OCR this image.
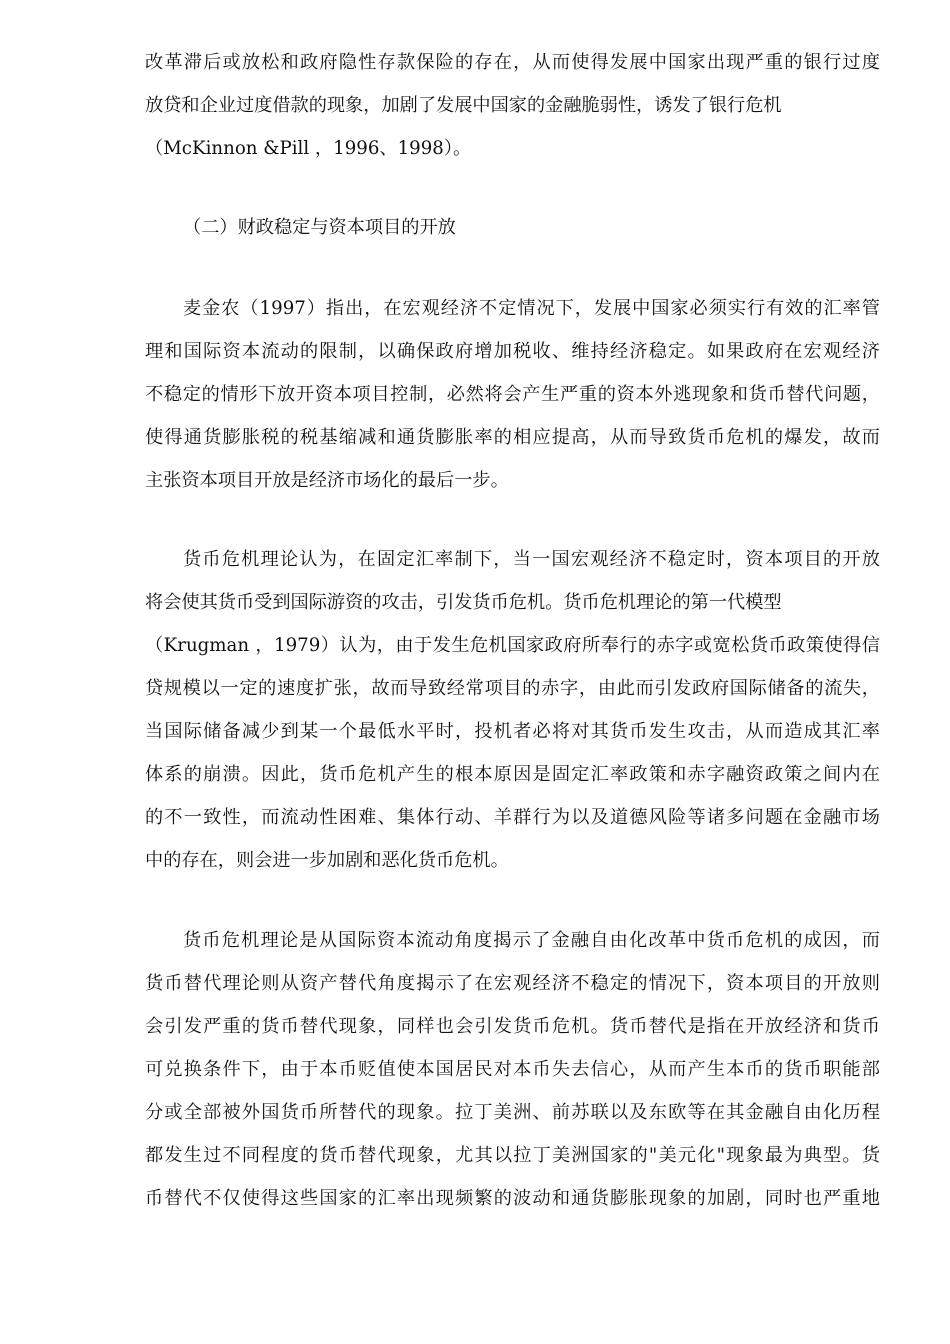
改革滞后或放松和政府隐性存款保险的存在，从而使得发展中国家出现严重的银行过度
放贷和企业过度借款的现象，加剧了发展中国家的金融脆弱性，诱发了银行危机
（McKinnon &Pill ，1996、1998）。
（二）财政稳定与资本项目的开放
麦金农（1997）指出，在宏观经济不定情况下，发展中国家必须实行有效的汇率管
理和国际资本流动的限制，以确保政府增加税收、维持经济稳定。如果政府在宏观经济
不稳定的情形下放开资本项目控制，必然将会产生严重的资本外逃现象和货币替代问题，
使得通货膨胀税的税基缩减和通货膨胀率的相应提高，从而导致货币危机的爆发，故而
主张资本项目开放是经济市场化的最后一步。
货币危机理论认为，在固定汇率制下，当一国宏观经济不稳定时，资本项目的开放
将会使其货币受到国际游资的攻击，引发货币危机。货币危机理论的第一代模型
（Krugman ，1979）认为，由于发生危机国家政府所奉行的赤字或宽松货币政策使得信
贷规模以一定的速度扩张，故而导致经常项目的赤字，由此而引发政府国际储备的流失，
当国际储备减少到某一个最低水平时，投机者必将对其货币发生攻击，从而造成其汇率
体系的崩溃。因此，货币危机产生的根本原因是固定汇率政策和赤字融资政策之间内在
的不一致性，而流动性困难、集体行动、羊群行为以及道德风险等诸多问题在金融市场
中的存在，则会进一步加剧和恶化货币危机。
货币危机理论是从国际资本流动角度揭示了金融自由化改革中货币危机的成因，而
货币替代理论则从资产替代角度揭示了在宏观经济不稳定的情况下，资本项目的开放则
会引发严重的货币替代现象，同样也会引发货币危机。货币替代是指在开放经济和货币
可兑换条件下，由于本币贬值使本国居民对本币失去信心，从而产生本币的货币职能部
分或全部被外国货币所替代的现象。拉丁美洲、前苏联以及东欧等在其金融自由化历程
都发生过不同程度的货币替代现象，尤其以拉丁美洲国家的"美元化"现象最为典型。货
币替代不仅使得这些国家的汇率出现频繁的波动和通货膨胀现象的加剧，同时也严重地
